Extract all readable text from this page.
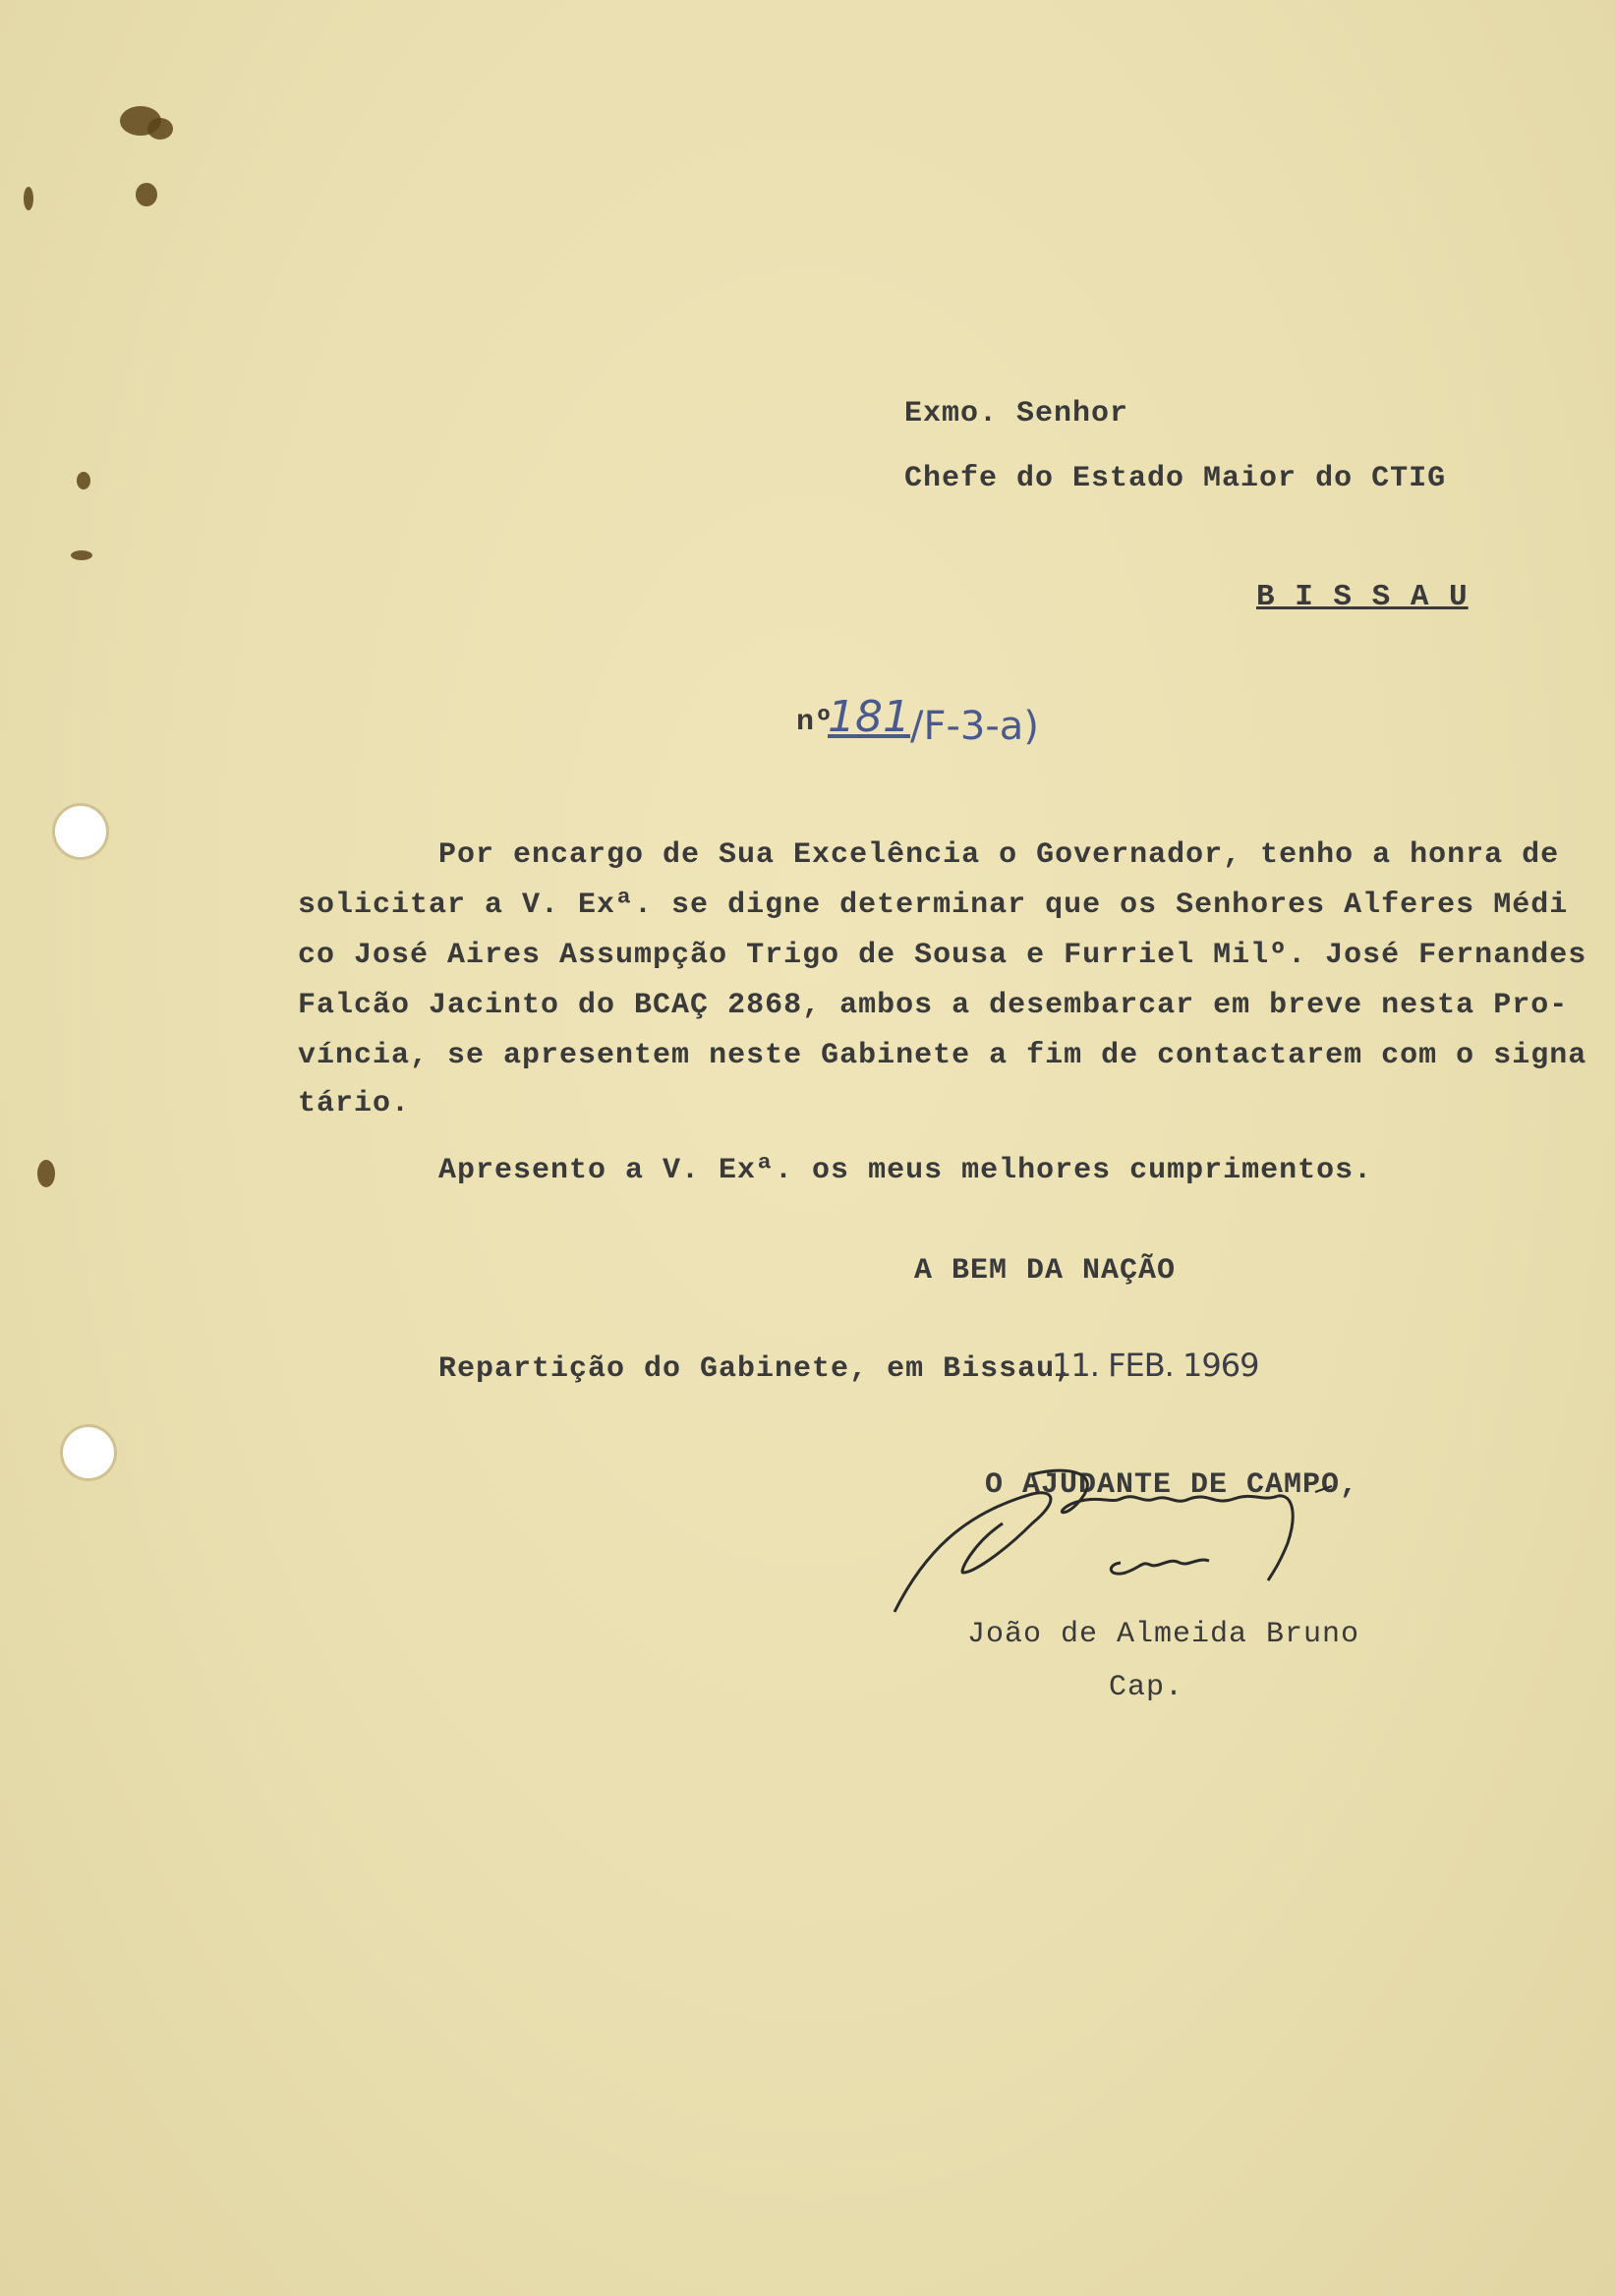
Exmo. Senhor
Chefe do Estado Maior do CTIG
B I S S A U
nº
181 /F-3-a)
Por encargo de Sua Excelência o Governador, tenho a honra de
solicitar a V. Exª. se digne determinar que os Senhores Alferes Médi
co José Aires Assumpção Trigo de Sousa e Furriel Milº. José Fernandes
Falcão Jacinto do BCAÇ 2868, ambos a desembarcar em breve nesta Pro-
víncia, se apresentem neste Gabinete a fim de contactarem com o signa
tário.
Apresento a V. Exª. os meus melhores cumprimentos.
A BEM DA NAÇÃO
Repartição do Gabinete, em Bissau,
11. FEB. 1969
O AJUDANTE DE CAMPO,
João de Almeida Bruno
Cap.
